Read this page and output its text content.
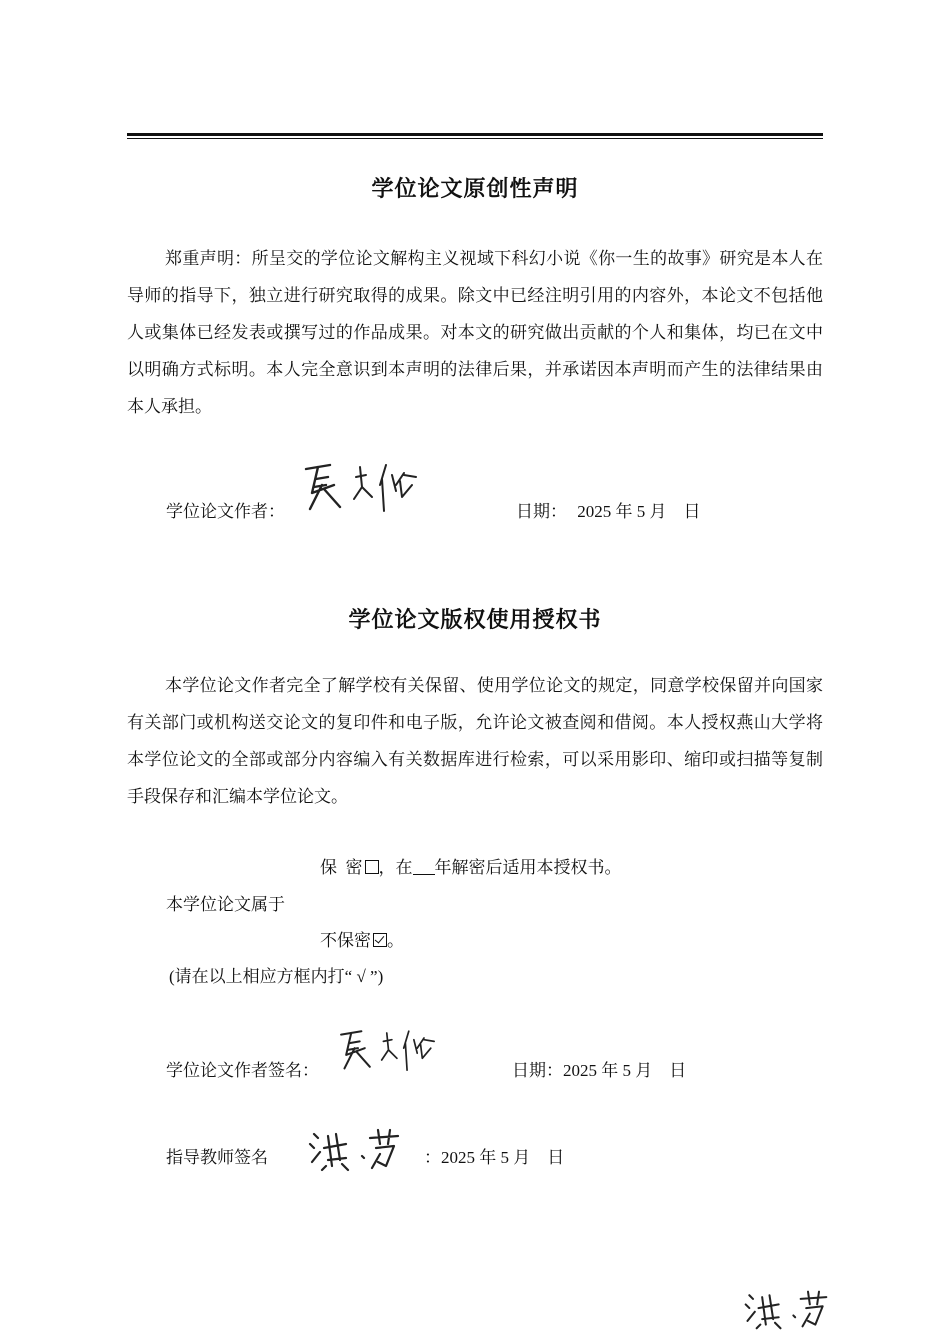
学位论文原创性声明

郑重声明：所呈交的学位论文解构主义视域下科幻小说《你一生的故事》研究是本人在导师的指导下，独立进行研究取得的成果。除文中已经注明引用的内容外，本论文不包括他人或集体已经发表或撰写过的作品成果。对本文的研究做出贡献的个人和集体，均已在文中以明确方式标明。本人完全意识到本声明的法律后果，并承诺因本声明而产生的法律结果由本人承担。

学位论文作者：	日期： 2025 年 5 月　日
学位论文版权使用授权书

本学位论文作者完全了解学校有关保留、使用学位论文的规定，同意学校保留并向国家有关部门或机构送交论文的复印件和电子版，允许论文被查阅和借阅。本人授权燕山大学将本学位论文的全部或部分内容编入有关数据库进行检索，可以采用影印、缩印或扫描等复制手段保存和汇编本学位论文。

保  密 ，在 年解密后适用本授权书。
本学位论文属于
不保密 。
(请在以上相应方框内打“ √ ”)
学位论文作者签名：	日期：2025 年 5 月　日
指导教师签名	：2025 年 5 月　日
